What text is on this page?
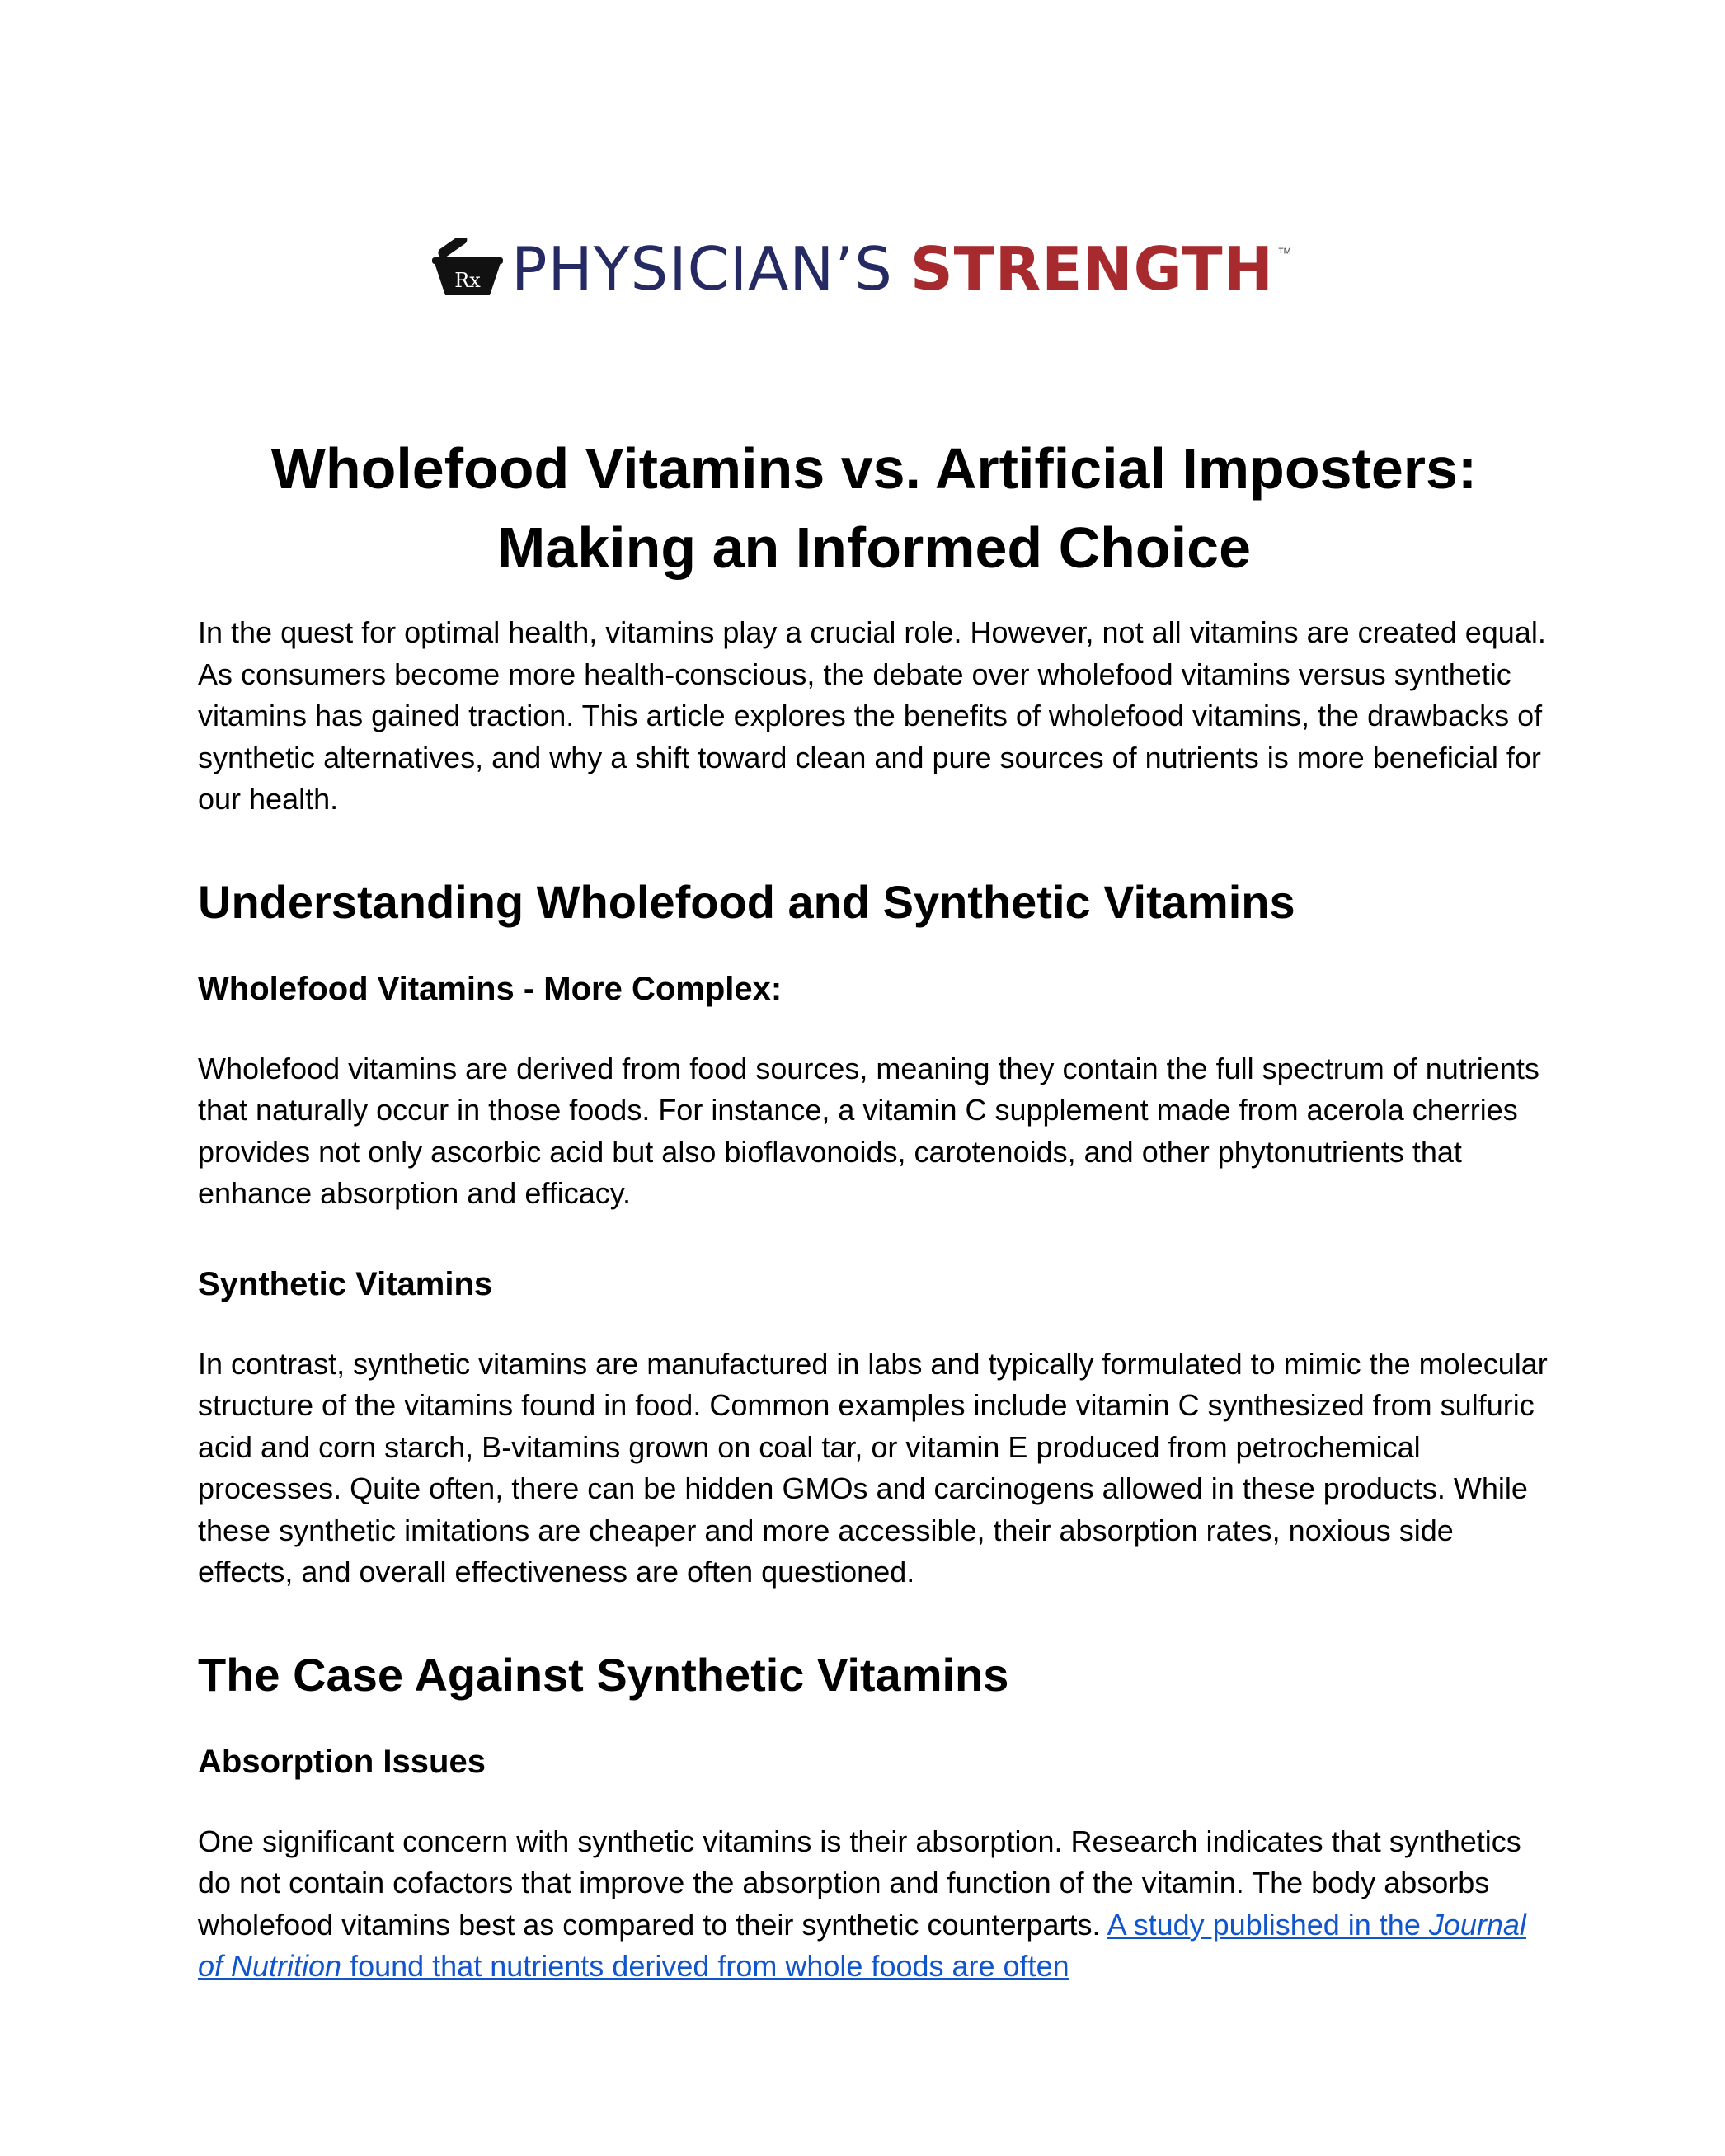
Rx PHYSICIAN’S STRENGTH ™
Wholefood Vitamins vs. Artificial Imposters:
Making an Informed Choice

In the quest for optimal health, vitamins play a crucial role. However, not all vitamins are created equal. As consumers become more health-conscious, the debate over wholefood vitamins versus synthetic vitamins has gained traction. This article explores the benefits of wholefood vitamins, the drawbacks of synthetic alternatives, and why a shift toward clean and pure sources of nutrients is more beneficial for our health.

Understanding Wholefood and Synthetic Vitamins
Wholefood Vitamins - More Complex:

Wholefood vitamins are derived from food sources, meaning they contain the full spectrum of nutrients that naturally occur in those foods. For instance, a vitamin C supplement made from acerola cherries provides not only ascorbic acid but also bioflavonoids, carotenoids, and other phytonutrients that enhance absorption and efficacy.

Synthetic Vitamins

In contrast, synthetic vitamins are manufactured in labs and typically formulated to mimic the molecular structure of the vitamins found in food. Common examples include vitamin C synthesized from sulfuric acid and corn starch, B-vitamins grown on coal tar, or vitamin E produced from petrochemical processes. Quite often, there can be hidden GMOs and carcinogens allowed in these products. While these synthetic imitations are cheaper and more accessible, their absorption rates, noxious side effects, and overall effectiveness are often questioned.

The Case Against Synthetic Vitamins
Absorption Issues

One significant concern with synthetic vitamins is their absorption. Research indicates that synthetics do not contain cofactors that improve the absorption and function of the vitamin. The body absorbs wholefood vitamins best as compared to their synthetic counterparts. A study published in the Journal of Nutrition found that nutrients derived from whole foods are often
